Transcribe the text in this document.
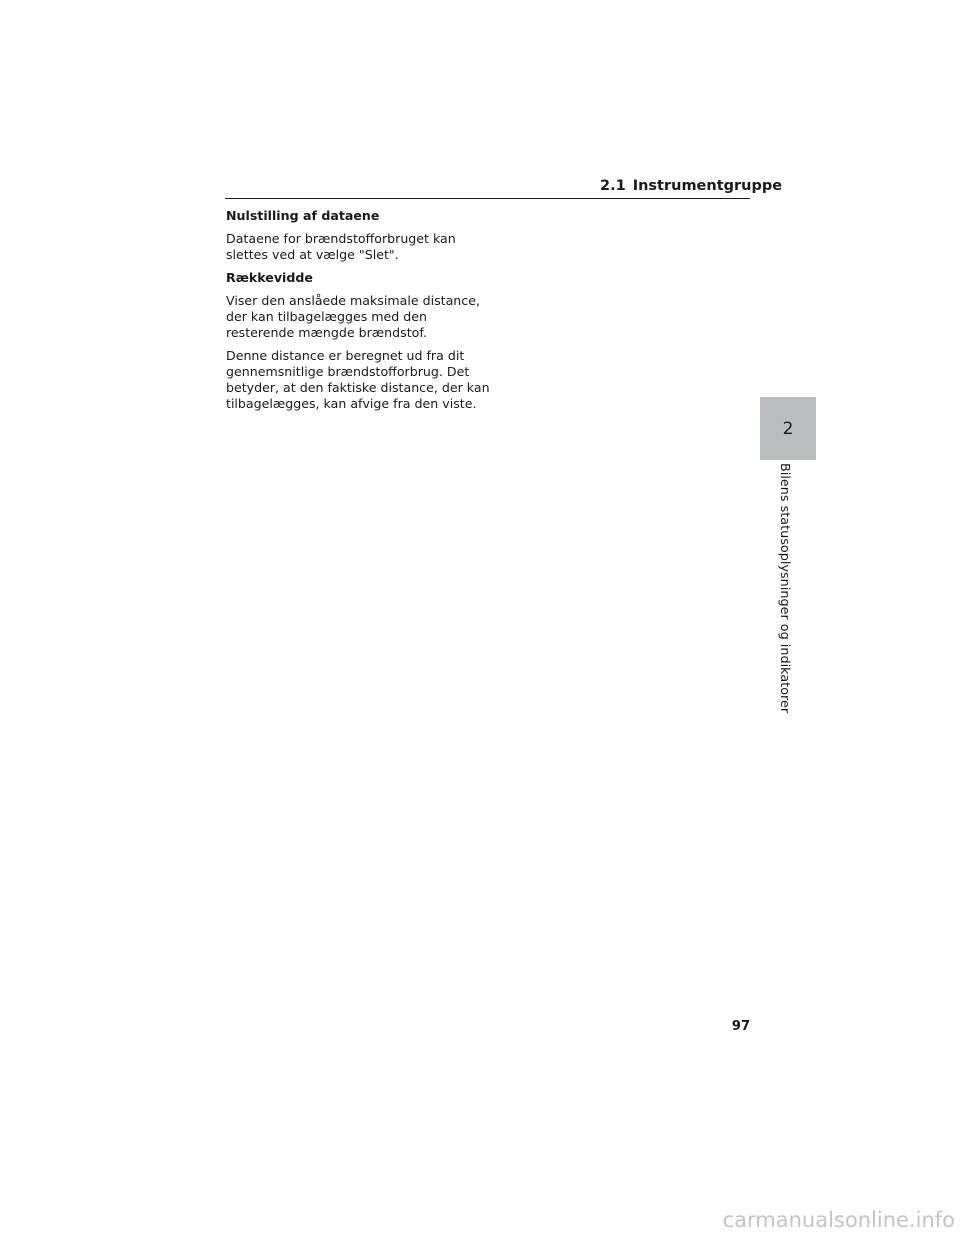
2.1 Instrumentgruppe
Nulstilling af dataene

Dataene for brændstofforbruget kan
slettes ved at vælge "Slet".

Rækkevidde

Viser den anslåede maksimale distance,
der kan tilbagelægges med den
resterende mængde brændstof.

Denne distance er beregnet ud fra dit
gennemsnitlige brændstofforbrug. Det
betyder, at den faktiske distance, der kan
tilbagelægges, kan afvige fra den viste.

2
Bilens statusoplysninger og indikatorer
97
carmanualsonline.info
